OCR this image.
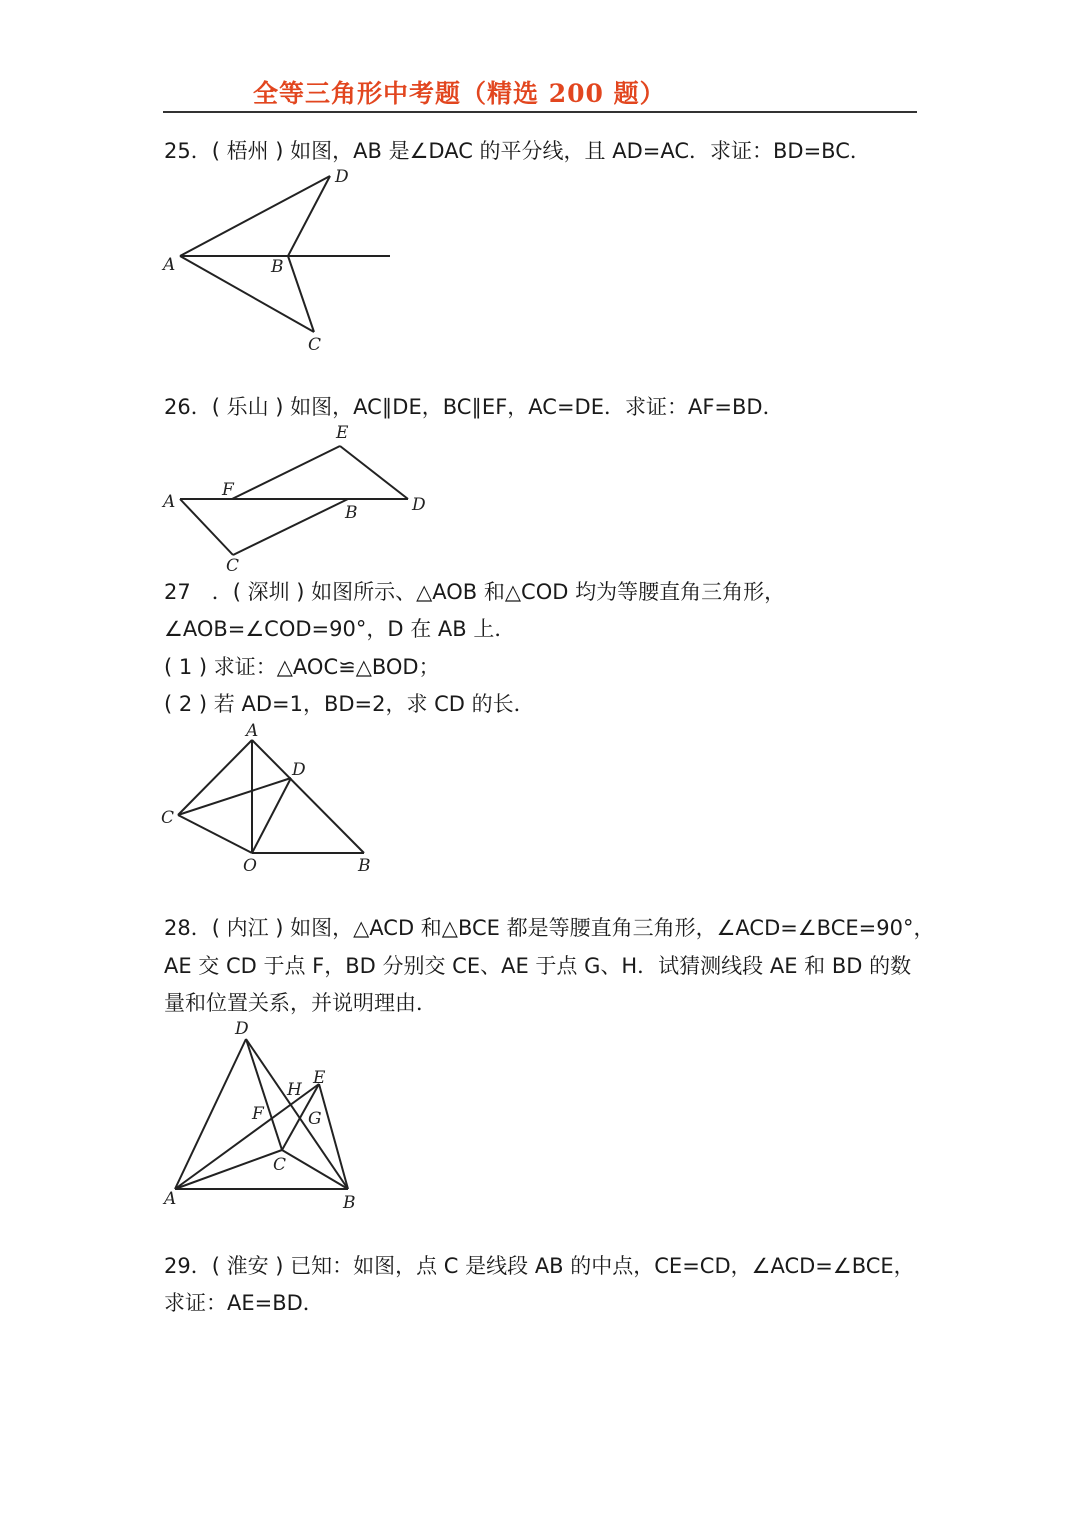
全等三角形中考题（精选 200 题）
25．( 梧州 ) 如图，AB 是∠DAC 的平分线，且 AD=AC．求证：BD=BC．
D
A	B
C
26．( 乐山 ) 如图，AC∥DE，BC∥EF，AC=DE．求证：AF=BD．
E
A
F
B	D
C
27　．( 深圳 ) 如图所示、△AOB 和△COD 均为等腰直角三角形，
∠AOB=∠COD=90°，D 在 AB 上．
( 1 ) 求证：△AOC≌△BOD；
( 2 ) 若 AD=1，BD=2，求 CD 的长．
A
D
C
O	B
28．( 内江 ) 如图，△ACD 和△BCE 都是等腰直角三角形，∠ACD=∠BCE=90°，
AE 交 CD 于点 F，BD 分别交 CE、AE 于点 G、H．试猜测线段 AE 和 BD 的数
量和位置关系，并说明理由．
D
E
H
F	G
C
A	B
29．( 淮安 ) 已知：如图，点 C 是线段 AB 的中点，CE=CD，∠ACD=∠BCE，
求证：AE=BD．
